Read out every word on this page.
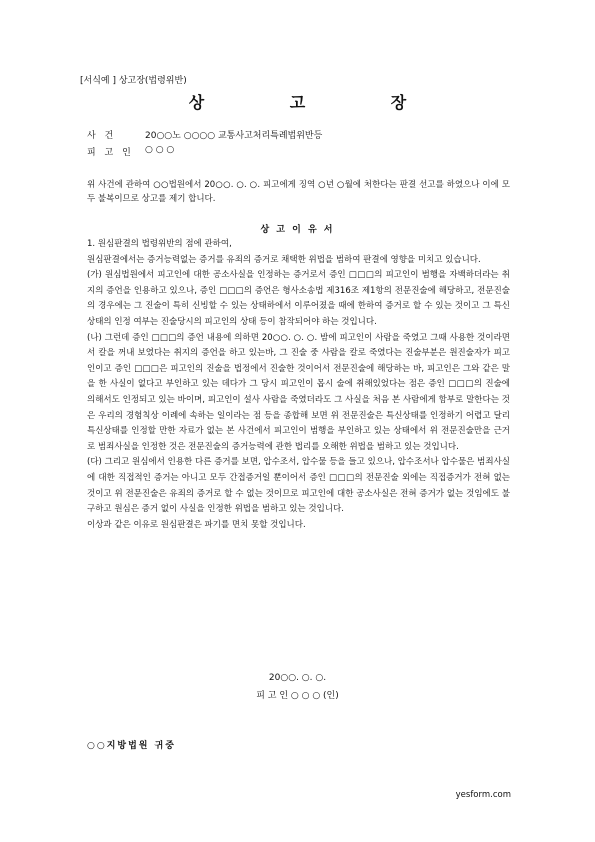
[서식예 ] 상고장(법령위반)
상 고 장
사 건	20○○노 ○○○○ 교통사고처리특례법위반등
피 고 인	○ ○ ○
위 사건에 관하여 ○○법원에서 20○○. ○. ○. 피고에게 징역 ○년 ○월에 처한다는 판결 선고를 하였으나 이에 모두 불복이므로 상고를 제기 합니다.
상 고 이 유 서

1. 원심판결의 법령위반의 점에 관하여,

원심판결에서는 증거능력없는 증거를 유죄의 증거로 채택한 위법을 범하여 판결에 영향을 미치고 있습니다.

(가) 원심법원에서 피고인에 대한 공소사실을 인정하는 증거로서 증인 □□□의 피고인이 범행을 자백하더라는 취지의 증언을 인용하고 있으나, 증인 □□□의 증언은 형사소송법 제316조 제1항의 전문진술에 해당하고, 전문진술의 경우에는 그 진술이 특히 신빙할 수 있는 상태하에서 이루어졌을 때에 한하여 증거로 할 수 있는 것이고 그 특신상태의 인정 여부는 진술당시의 피고인의 상태 등이 참작되어야 하는 것입니다.

(나) 그런데 증인 □□□의 증언 내용에 의하면 20○○. ○. ○. 밤에 피고인이 사람을 죽였고 그때 사용한 것이라면서 칼을 꺼내 보였다는 취지의 증언을 하고 있는바, 그 진술 중 사람을 칼로 죽였다는 진술부분은 원진술자가 피고인이고 증인 □□□은 피고인의 진술을 법정에서 진술한 것이어서 전문진술에 해당하는 바, 피고인은 그와 같은 말을 한 사실이 없다고 부인하고 있는 데다가 그 당시 피고인이 몹시 술에 취해있었다는 점은 증인 □□□의 진술에 의해서도 인정되고 있는 바이며, 피고인이 설사 사람을 죽였더라도 그 사실을 처음 본 사람에게 함부로 말한다는 것은 우리의 경험칙상 이례에 속하는 일이라는 점 등을 종합해 보면 위 전문진술은 특신상태를 인정하기 어렵고 달리 특신상태를 인정할 만한 자료가 없는 본 사건에서 피고인이 범행을 부인하고 있는 상태에서 위 전문진술만을 근거로 범죄사실을 인정한 것은 전문진술의 증거능력에 관한 법리를 오해한 위법을 범하고 있는 것입니다.

(다) 그리고 원심에서 인용한 다른 증거를 보면, 압수조서, 압수물 등을 들고 있으나, 압수조서나 압수물은 범죄사실에 대한 직접적인 증거는 아니고 모두 간접증거일 뿐이어서 증인 □□□의 전문진술 외에는 직접증거가 전혀 없는 것이고 위 전문진술은 유죄의 증거로 할 수 없는 것이므로 피고인에 대한 공소사실은 전혀 증거가 없는 것임에도 불구하고 원심은 증거 없이 사실을 인정한 위법을 범하고 있는 것입니다.

이상과 같은 이유로 원심판결은 파기를 면치 못할 것입니다.

20○○. ○. ○.
피 고 인 ○ ○ ○ (인)
○○지방법원 귀중
yesform.com
